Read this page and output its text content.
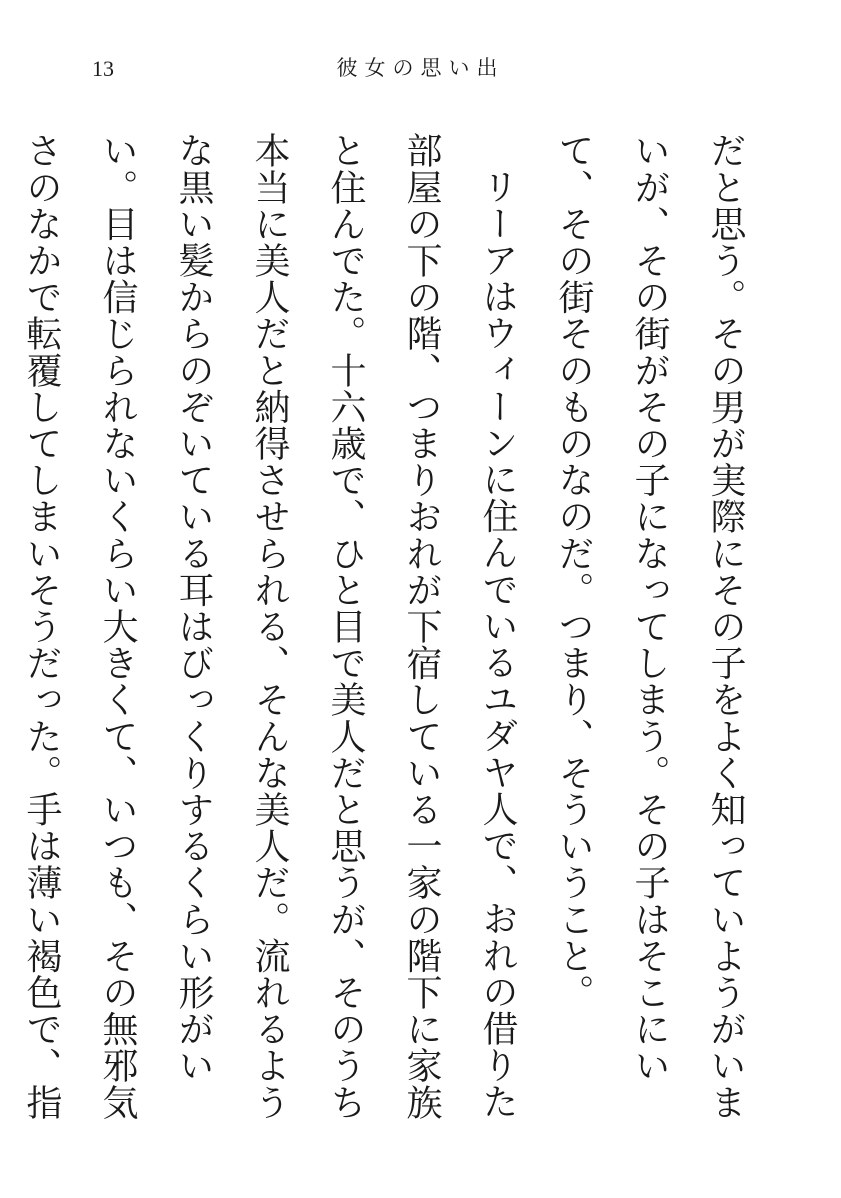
13	彼女の思い出

だと思う。その男が実際にその子をよく知っていようがいまいが、その街がその子になってしまう。その子はそこにいて、その街そのものなのだ。つまり、そういうこと。

リーアはウィーンに住んでいるユダヤ人で、おれの借りた部屋の下の階、つまりおれが下宿している一家の階下に家族と住んでた。十六歳で、ひと目で美人だと思うが、そのうち本当に美人だと納得させられる、そんな美人だ。流れるような黒い髪からのぞいている耳はびっくりするくらい形がいい。目は信じられないくらい大きくて、いつも、その無邪気さのなかで転覆してしまいそうだった。手は薄い褐色で、指
